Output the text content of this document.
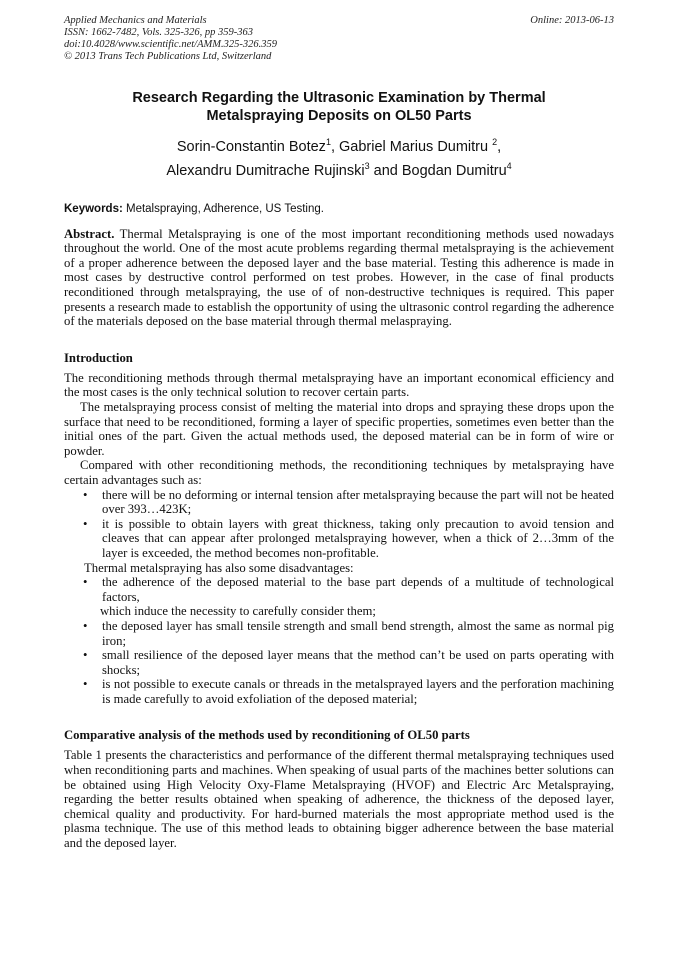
Applied Mechanics and Materials
ISSN: 1662-7482, Vols. 325-326, pp 359-363
doi:10.4028/www.scientific.net/AMM.325-326.359
© 2013 Trans Tech Publications Ltd, Switzerland
Online: 2013-06-13
Research Regarding the Ultrasonic Examination by Thermal
Metalspraying Deposits on OL50 Parts
Sorin-Constantin Botez$^1$, Gabriel Marius Dumitru $^2$,
Alexandru Dumitrache Rujinski$^3$ and Bogdan Dumitru$^4$
Keywords: Metalspraying, Adherence, US Testing.
Abstract. Thermal Metalspraying is one of the most important reconditioning methods used nowadays throughout the world. One of the most acute problems regarding thermal metalspraying is the achievement of a proper adherence between the deposed layer and the base material. Testing this adherence is made in most cases by destructive control performed on test probes. However, in the case of final products reconditioned through metalspraying, the use of of non-destructive techniques is required. This paper presents a research made to establish the opportunity of using the ultrasonic control regarding the adherence of the materials deposed on the base material through thermal melaspraying.
Introduction

The reconditioning methods through thermal metalspraying have an important economical efficiency and the most cases is the only technical solution to recover certain parts.

The metalspraying process consist of melting the material into drops and spraying these drops upon the surface that need to be reconditioned, forming a layer of specific properties, sometimes even better than the initial ones of the part. Given the actual methods used, the deposed material can be in form of wire or powder.

Compared with other reconditioning methods, the reconditioning techniques by metalspraying have certain advantages such as:

• there will be no deforming or internal tension after metalspraying because the part will not be heated over 393…423K;
• it is possible to obtain layers with great thickness, taking only precaution to avoid tension and cleaves that can appear after prolonged metalspraying however, when a thick of 2…3mm of the layer is exceeded, the method becomes non-profitable.

Thermal metalspraying has also some disadvantages:

• the adherence of the deposed material to the base part depends of a multitude of technological factors,

which induce the necessity to carefully consider them;

• the deposed layer has small tensile strength and small bend strength, almost the same as normal pig iron;
• small resilience of the deposed layer means that the method can’t be used on parts operating with shocks;
• is not possible to execute canals or threads in the metalsprayed layers and the perforation machining is made carefully to avoid exfoliation of the deposed material;
Comparative analysis of the methods used by reconditioning of OL50 parts

Table 1 presents the characteristics and performance of the different thermal metalspraying techniques used when reconditioning parts and machines. When speaking of usual parts of the machines better solutions can be obtained using High Velocity Oxy-Flame Metalspraying (HVOF) and Electric Arc Metalspraying, regarding the better results obtained when speaking of adherence, the thickness of the deposed layer, chemical quality and productivity. For hard-burned materials the most appropriate method used is the plasma technique. The use of this method leads to obtaining bigger adherence between the base material and the deposed layer.
